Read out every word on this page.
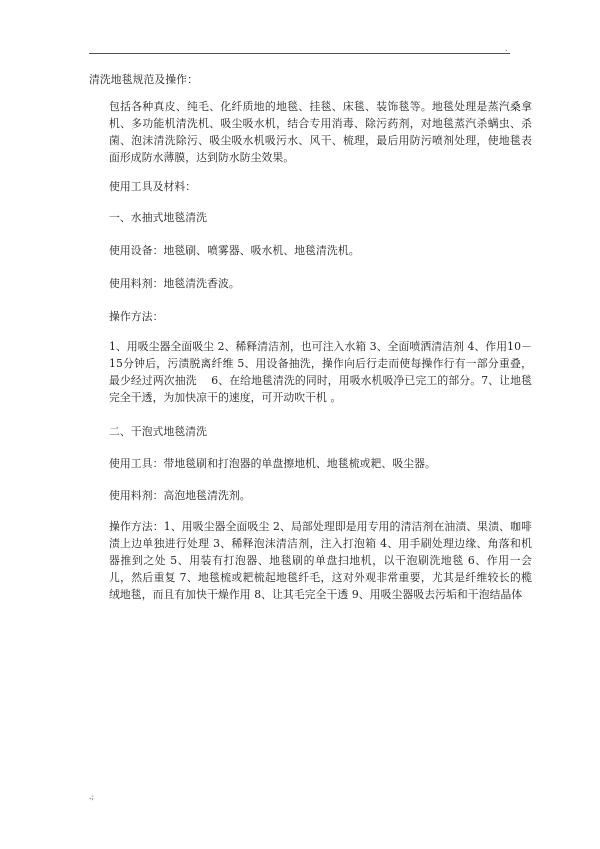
.
清洗地毯规范及操作：
包括各种真皮、纯毛、化纤质地的地毯、挂毯、床毯、装饰毯等。地毯处理是蒸汽桑拿机、多功能机清洗机、吸尘吸水机，结合专用消毒、除污药剂，对地毯蒸汽杀螨虫、杀菌、泡沫清洗除污、吸尘吸水机吸污水、风干、梳理，最后用防污喷剂处理，使地毯表面形成防水薄膜，达到防水防尘效果。
使用工具及材料：
一、水抽式地毯清洗
使用设备：地毯刷、喷雾器、吸水机、地毯清洗机。
使用料剂：地毯清洗香波。
操作方法：
1、用吸尘器全面吸尘 2、稀释清洁剂，也可注入水箱 3、全面喷洒清洁剂 4、作用10－15分钟后，污渍脱离纤维 5、用设备抽洗，操作向后行走而使每操作行有一部分重叠，最少经过两次抽洗　 6、在给地毯清洗的同时，用吸水机吸净已完工的部分。7、让地毯完全干透，为加快凉干的速度，可开动吹干机 。
二、干泡式地毯清洗
使用工具：带地毯刷和打泡器的单盘擦地机、地毯梳或耙、吸尘器。
使用料剂：高泡地毯清洗剂。
操作方法：1、用吸尘器全面吸尘 2、局部处理即是用专用的清洁剂在油渍、果渍、咖啡渍上边单独进行处理 3、稀释泡沫清洁剂，注入打泡箱 4、用手刷处理边缘、角落和机器推到之处 5、用装有打泡器、地毯刷的单盘扫地机，以干泡刷洗地毯 6、作用一会儿，然后重复 7、地毯梳或耙梳起地毯纤毛，这对外观非常重要，尤其是纤维较长的榄绒地毯，而且有加快干燥作用 8、让其毛完全干透 9、用吸尘器吸去污垢和干泡结晶体
.;
